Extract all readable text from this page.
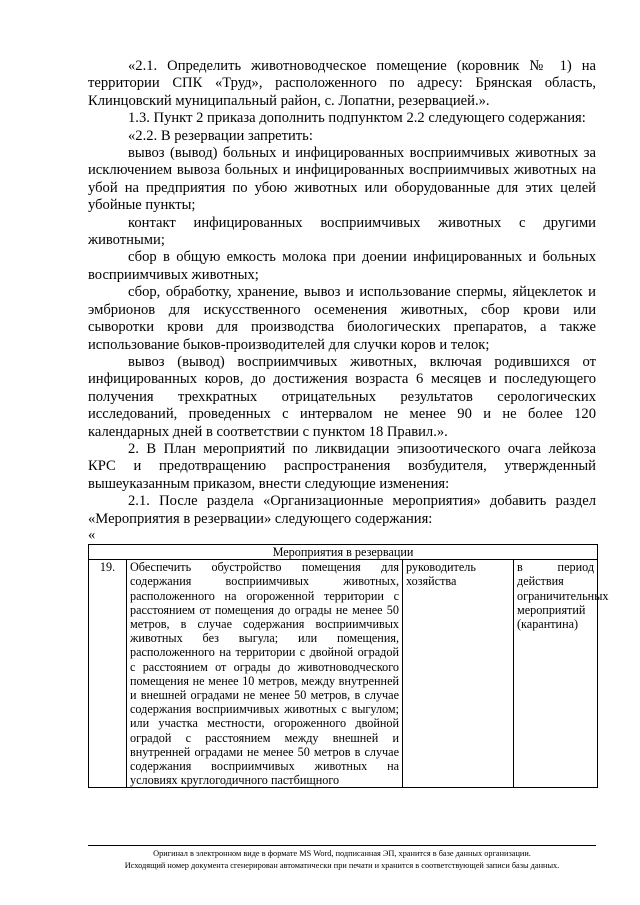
«2.1. Определить животноводческое помещение (коровник № 1) на территории СПК «Труд», расположенного по адресу: Брянская область, Клинцовский муниципальный район, с. Лопатни, резервацией.».

1.3. Пункт 2 приказа дополнить подпунктом 2.2 следующего содержания:

«2.2. В резервации запретить:

вывоз (вывод) больных и инфицированных восприимчивых животных за исключением вывоза больных и инфицированных восприимчивых животных на убой на предприятия по убою животных или оборудованные для этих целей убойные пункты;

контакт инфицированных восприимчивых животных с другими животными;

сбор в общую емкость молока при доении инфицированных и больных восприимчивых животных;

сбор, обработку, хранение, вывоз и использование спермы, яйцеклеток и эмбрионов для искусственного осеменения животных, сбор крови или сыворотки крови для производства биологических препаратов, а также использование быков-производителей для случки коров и телок;

вывоз (вывод) восприимчивых животных, включая родившихся от инфицированных коров, до достижения возраста 6 месяцев и последующего получения трехкратных отрицательных результатов серологических исследований, проведенных с интервалом не менее 90 и не более 120 календарных дней в соответствии с пунктом 18 Правил.».

2. В План мероприятий по ликвидации эпизоотического очага лейкоза КРС и предотвращению распространения возбудителя, утвержденный вышеуказанным приказом, внести следующие изменения:

2.1. После раздела «Организационные мероприятия» добавить раздел «Мероприятия в резервации» следующего содержания:

«

Мероприятия в резервации
19.	Обеспечить обустройство помещения для содержания восприимчивых животных, расположенного на огороженной территории с расстоянием от помещения до ограды не менее 50 метров, в случае содержания восприимчивых животных без выгула; или помещения, расположенного на территории с двойной оградой с расстоянием от ограды до животноводческого помещения не менее 10 метров, между внутренней и внешней оградами не менее 50 метров, в случае содержания восприимчивых животных с выгулом; или участка местности, огороженного двойной оградой с расстоянием между внешней и внутренней оградами не менее 50 метров в случае содержания восприимчивых животных на условиях круглогодичного пастбищного	руководитель хозяйства	в период действия ограничительных мероприятий (карантина)
Оригинал в электронном виде в формате MS Word, подписанная ЭП, хранится в базе данных организации.
Исходящий номер документа сгенерирован автоматически при печати и хранится в соответствующей записи базы данных.
